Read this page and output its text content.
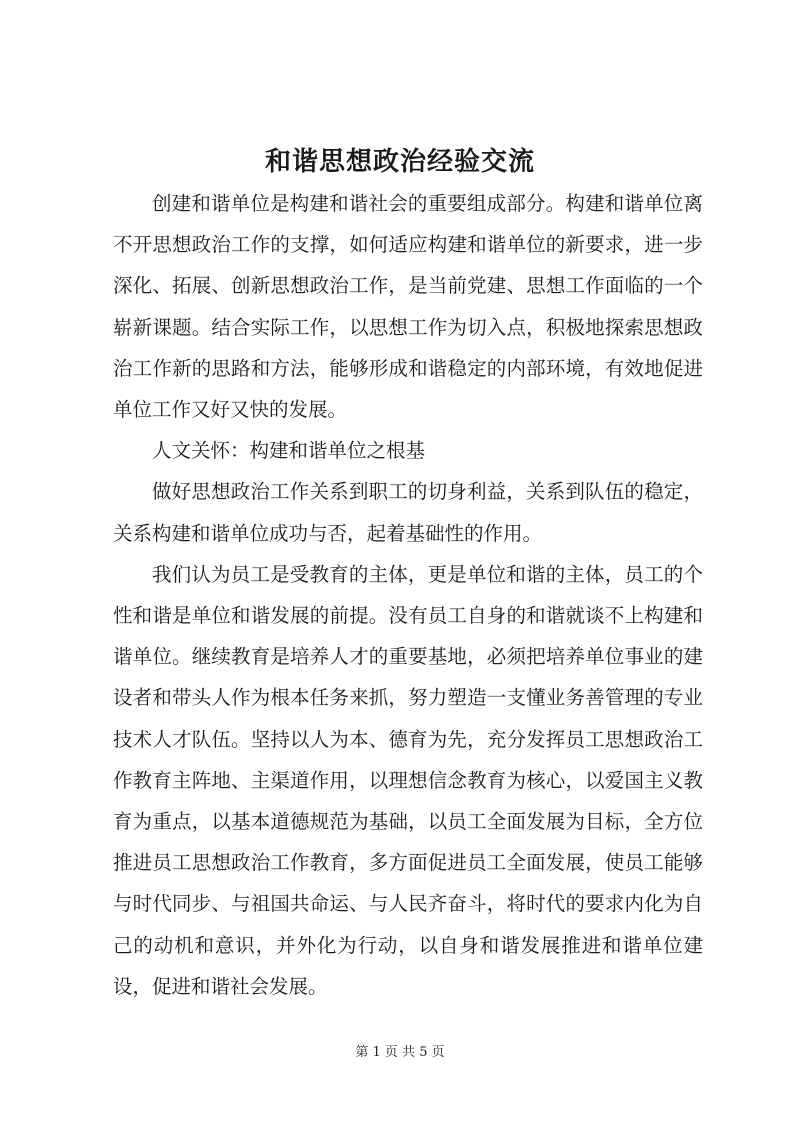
和谐思想政治经验交流

创建和谐单位是构建和谐社会的重要组成部分。构建和谐单位离不开思想政治工作的支撑，如何适应构建和谐单位的新要求，进一步深化、拓展、创新思想政治工作，是当前党建、思想工作面临的一个崭新课题。结合实际工作，以思想工作为切入点，积极地探索思想政治工作新的思路和方法，能够形成和谐稳定的内部环境，有效地促进单位工作又好又快的发展。

人文关怀：构建和谐单位之根基

做好思想政治工作关系到职工的切身利益，关系到队伍的稳定，关系构建和谐单位成功与否，起着基础性的作用。

我们认为员工是受教育的主体，更是单位和谐的主体，员工的个性和谐是单位和谐发展的前提。没有员工自身的和谐就谈不上构建和谐单位。继续教育是培养人才的重要基地，必须把培养单位事业的建设者和带头人作为根本任务来抓，努力塑造一支懂业务善管理的专业技术人才队伍。坚持以人为本、德育为先，充分发挥员工思想政治工作教育主阵地、主渠道作用，以理想信念教育为核心，以爱国主义教育为重点，以基本道德规范为基础，以员工全面发展为目标，全方位推进员工思想政治工作教育，多方面促进员工全面发展，使员工能够与时代同步、与祖国共命运、与人民齐奋斗，将时代的要求内化为自己的动机和意识，并外化为行动，以自身和谐发展推进和谐单位建设，促进和谐社会发展。

第 1 页 共 5 页
